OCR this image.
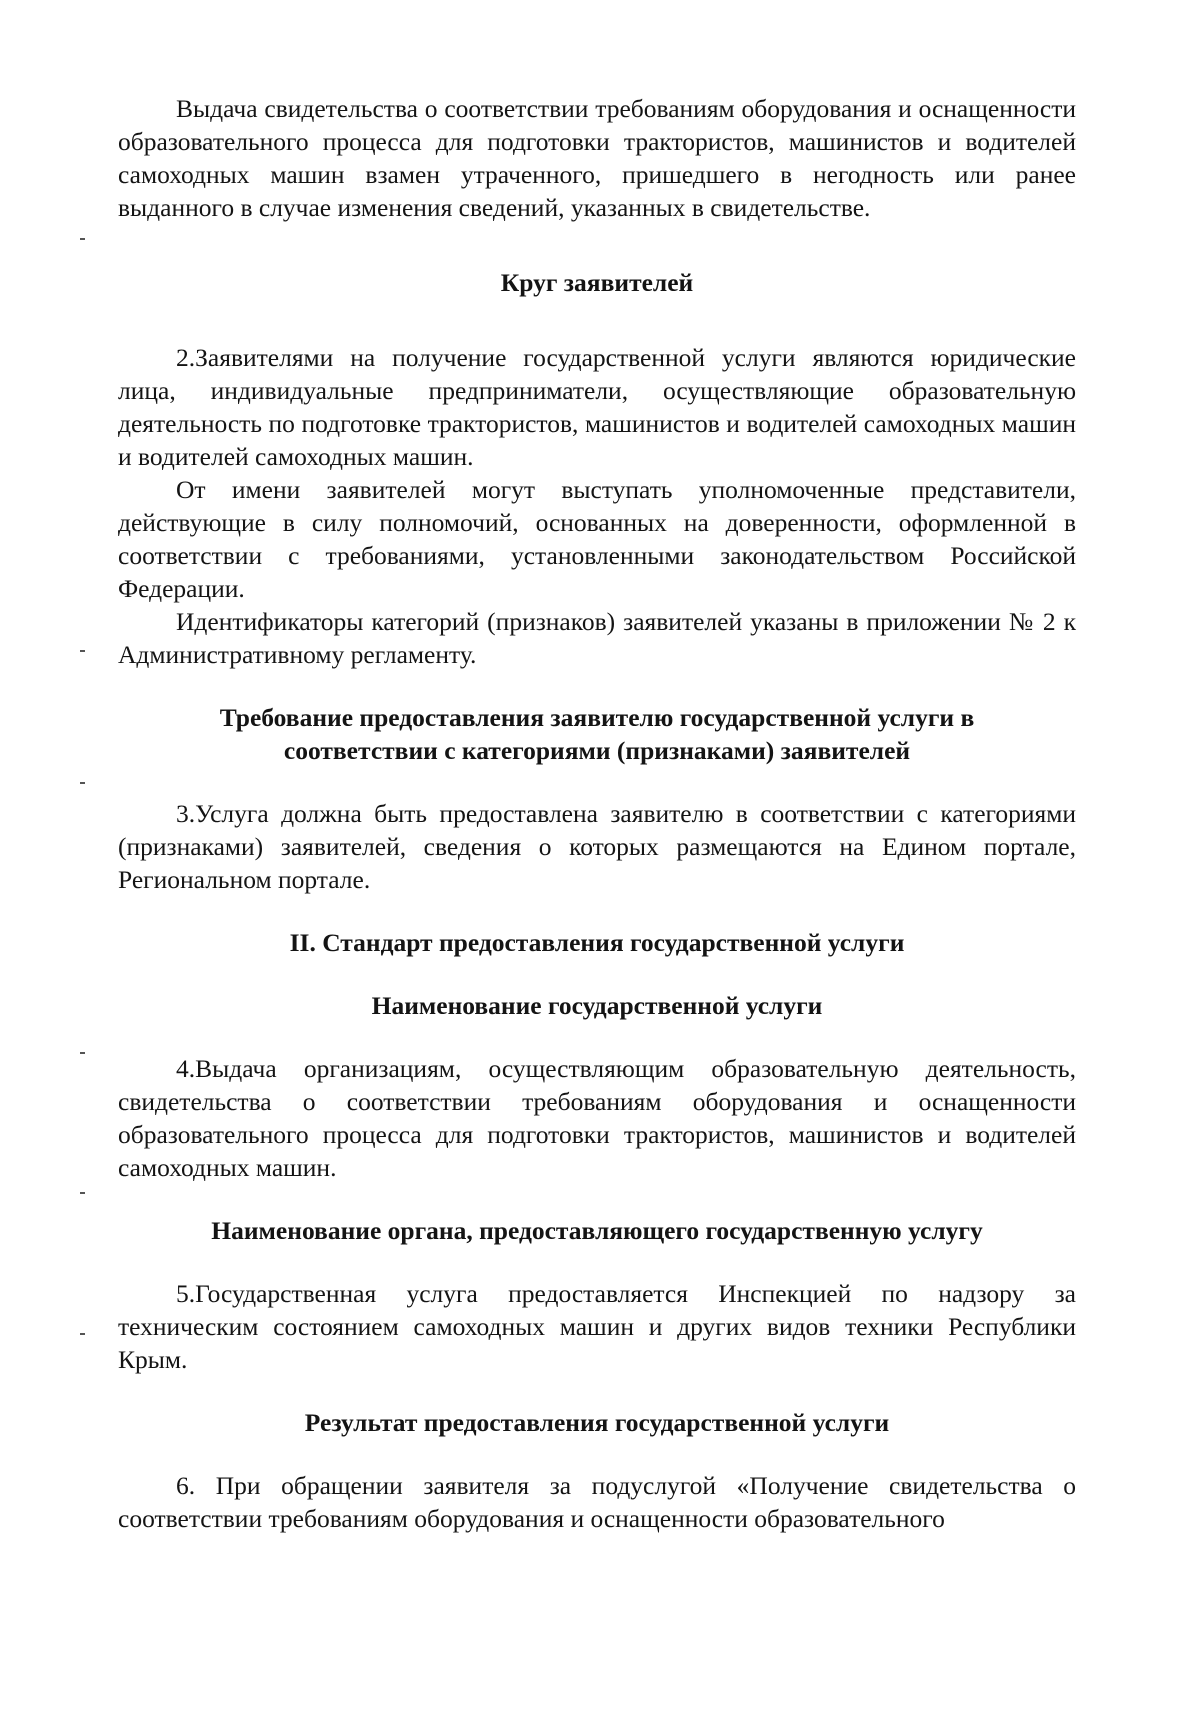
Выдача свидетельства о соответствии требованиям оборудования и оснащенности образовательного процесса для подготовки трактористов, машинистов и водителей самоходных машин взамен утраченного, пришедшего в негодность или ранее выданного в случае изменения сведений, указанных в свидетельстве.

Круг заявителей

2.Заявителями на получение государственной услуги являются юридические лица, индивидуальные предприниматели, осуществляющие образовательную деятельность по подготовке трактористов, машинистов и водителей самоходных машин и водителей самоходных машин.

От имени заявителей могут выступать уполномоченные представители, действующие в силу полномочий, основанных на доверенности, оформленной в соответствии с требованиями, установленными законодательством Российской Федерации.

Идентификаторы категорий (признаков) заявителей указаны в приложении № 2 к Административному регламенту.

Требование предоставления заявителю государственной услуги в
соответствии с категориями (признаками) заявителей

3.Услуга должна быть предоставлена заявителю в соответствии с категориями (признаками) заявителей, сведения о которых размещаются на Едином портале, Региональном портале.

II. Стандарт предоставления государственной услуги
Наименование государственной услуги

4.Выдача организациям, осуществляющим образовательную деятельность, свидетельства о соответствии требованиям оборудования и оснащенности образовательного процесса для подготовки трактористов, машинистов и водителей самоходных машин.

Наименование органа, предоставляющего государственную услугу

5.Государственная услуга предоставляется Инспекцией по надзору за техническим состоянием самоходных машин и других видов техники Республики Крым.

Результат предоставления государственной услуги

6. При обращении заявителя за подуслугой «Получение свидетельства о соответствии требованиям оборудования и оснащенности образовательного
